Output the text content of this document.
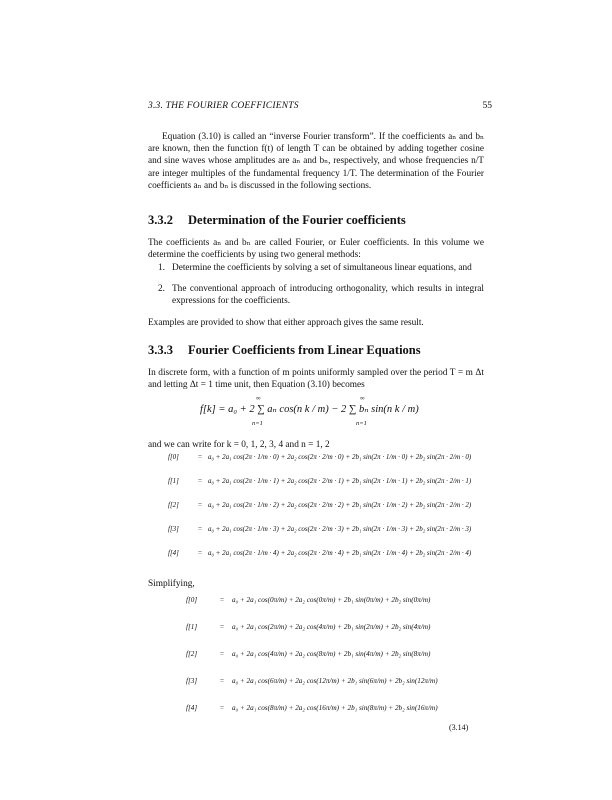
3.3. THE FOURIER COEFFICIENTS	55

Equation (3.10) is called an “inverse Fourier transform”. If the coefficients aₙ and bₙ are known, then the function f(t) of length T can be obtained by adding together cosine and sine waves whose amplitudes are aₙ and bₙ, respectively, and whose frequencies n/T are integer multiples of the fundamental frequency 1/T. The determination of the Fourier coefficients aₙ and bₙ is discussed in the following sections.

3.3.2 Determination of the Fourier coefficients

The coefficients aₙ and bₙ are called Fourier, or Euler coefficients. In this volume we determine the coefficients by using two general methods:

1. Determine the coefficients by solving a set of simultaneous linear equations, and
2. The conventional approach of introducing orthogonality, which results in integral expressions for the coefficients.

Examples are provided to show that either approach gives the same result.

3.3.3 Fourier Coefficients from Linear Equations

In discrete form, with a function of m points uniformly sampled over the period T = m Δt and letting Δt = 1 time unit, then Equation (3.10) becomes

f[k] = a₀ + 2 ∑ aₙ cos(n k / m) − 2 ∑ bₙ sin(n k / m)
∞
n=1
∞
n=1

and we can write for k = 0, 1, 2, 3, 4 and n = 1, 2

f[0]	= a₀ + 2a₁ cos(2π · 1/m · 0) + 2a₂ cos(2π · 2/m · 0) + 2b₁ sin(2π · 1/m · 0) + 2b₂ sin(2π · 2/m · 0)
f[1]	= a₀ + 2a₁ cos(2π · 1/m · 1) + 2a₂ cos(2π · 2/m · 1) + 2b₁ sin(2π · 1/m · 1) + 2b₂ sin(2π · 2/m · 1)
f[2]	= a₀ + 2a₁ cos(2π · 1/m · 2) + 2a₂ cos(2π · 2/m · 2) + 2b₁ sin(2π · 1/m · 2) + 2b₂ sin(2π · 2/m · 2)
f[3]	= a₀ + 2a₁ cos(2π · 1/m · 3) + 2a₂ cos(2π · 2/m · 3) + 2b₁ sin(2π · 1/m · 3) + 2b₂ sin(2π · 2/m · 3)
f[4]	= a₀ + 2a₁ cos(2π · 1/m · 4) + 2a₂ cos(2π · 2/m · 4) + 2b₁ sin(2π · 1/m · 4) + 2b₂ sin(2π · 2/m · 4)

Simplifying,

f[0]	= a₀ + 2a₁ cos(0π/m) + 2a₂ cos(0π/m) + 2b₁ sin(0π/m) + 2b₂ sin(0π/m)
f[1]	= a₀ + 2a₁ cos(2π/m) + 2a₂ cos(4π/m) + 2b₁ sin(2π/m) + 2b₂ sin(4π/m)
f[2]	= a₀ + 2a₁ cos(4π/m) + 2a₂ cos(8π/m) + 2b₁ sin(4π/m) + 2b₂ sin(8π/m)
f[3]	= a₀ + 2a₁ cos(6π/m) + 2a₂ cos(12π/m) + 2b₁ sin(6π/m) + 2b₂ sin(12π/m)
f[4]	= a₀ + 2a₁ cos(8π/m) + 2a₂ cos(16π/m) + 2b₁ sin(8π/m) + 2b₂ sin(16π/m)
(3.14)
